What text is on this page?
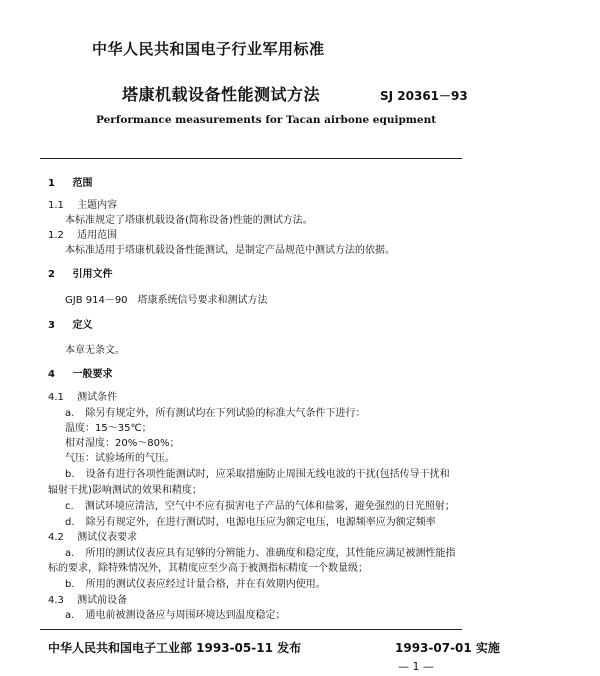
中华人民共和国电子行业军用标准
塔康机载设备性能测试方法	SJ 20361－93
Performance measurements for Tacan airbone equipment
1 范围
1.1 主题内容
本标准规定了塔康机载设备(简称设备)性能的测试方法。
1.2 适用范围
本标准适用于塔康机载设备性能测试，是制定产品规范中测试方法的依据。
2 引用文件
GJB 914－90　塔康系统信号要求和测试方法
3 定义
本章无条文。
4 一般要求
4.1 测试条件
a. 除另有规定外，所有测试均在下列试验的标准大气条件下进行：
温度：15～35℃；
相对湿度：20%～80%；
气压：试验场所的气压。
b. 设备有进行各项性能测试时，应采取措施防止周围无线电波的干扰(包括传导干扰和
辐射干扰)影响测试的效果和精度；
c. 测试环境应清洁，空气中不应有损害电子产品的气体和盐雾，避免强烈的日光照射；
d. 除另有规定外，在进行测试时，电源电压应为额定电压，电源频率应为额定频率
4.2 测试仪表要求
a. 所用的测试仪表应具有足够的分辨能力、准确度和稳定度，其性能应满足被测性能指
标的要求，除特殊情况外，其精度应至少高于被测指标精度一个数量级；
b. 所用的测试仪表应经过计量合格，并在有效期内使用。
4.3 测试前设备
a. 通电前被测设备应与周围环境达到温度稳定；
中华人民共和国电子工业部 1993-05-11 发布	1993-07-01 实施
— 1 —
